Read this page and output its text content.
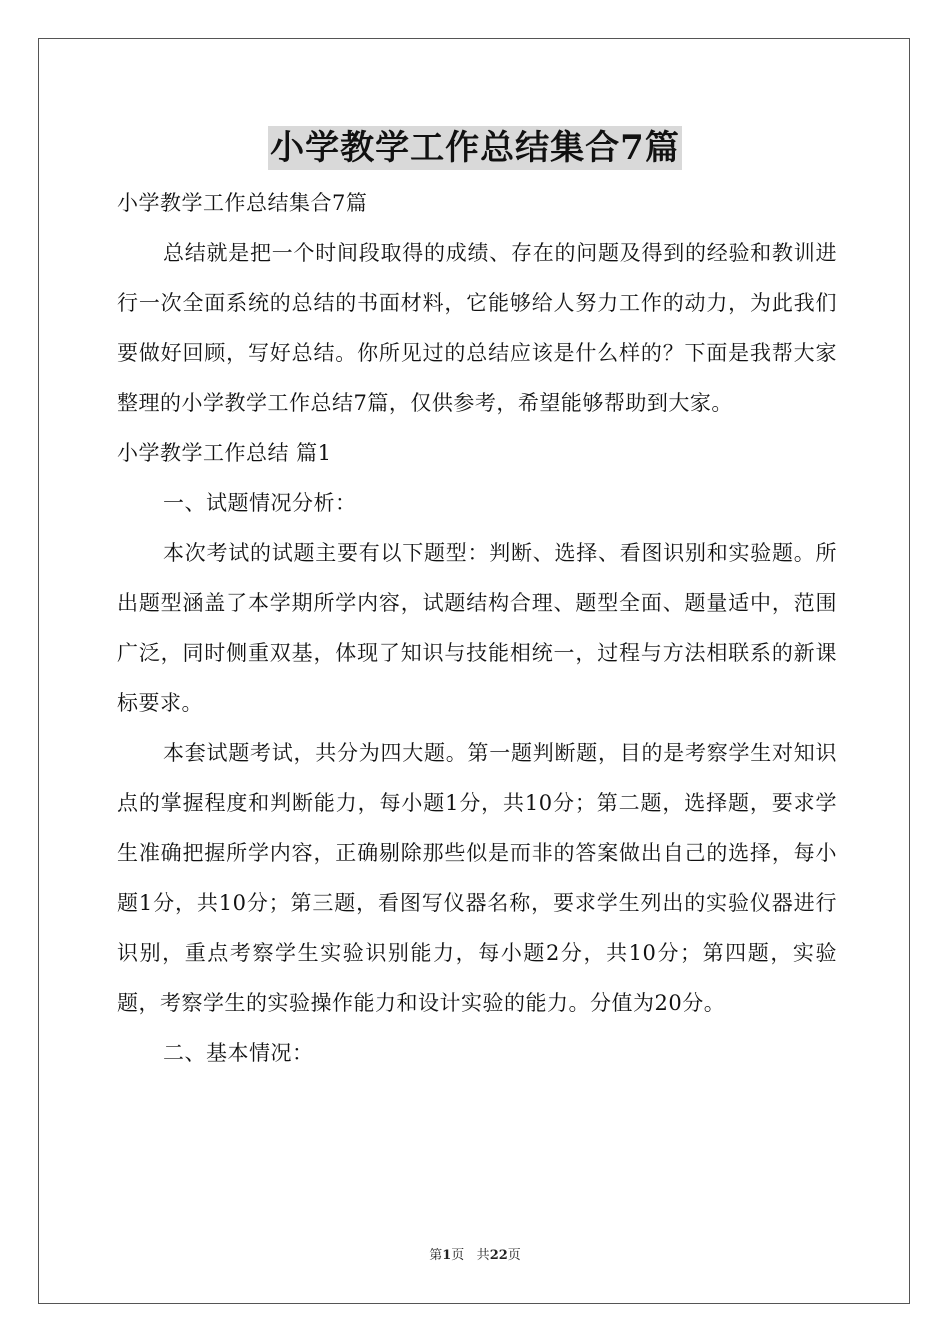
小学教学工作总结集合7篇

小学教学工作总结集合7篇

总结就是把一个时间段取得的成绩、存在的问题及得到的经验和教训进行一次全面系统的总结的书面材料，它能够给人努力工作的动力，为此我们要做好回顾，写好总结。你所见过的总结应该是什么样的？下面是我帮大家整理的小学教学工作总结7篇，仅供参考，希望能够帮助到大家。

小学教学工作总结 篇1

一、试题情况分析：

本次考试的试题主要有以下题型：判断、选择、看图识别和实验题。所出题型涵盖了本学期所学内容，试题结构合理、题型全面、题量适中，范围广泛，同时侧重双基，体现了知识与技能相统一，过程与方法相联系的新课标要求。

本套试题考试，共分为四大题。第一题判断题，目的是考察学生对知识点的掌握程度和判断能力，每小题1分，共10分；第二题，选择题，要求学生准确把握所学内容，正确剔除那些似是而非的答案做出自己的选择，每小题1分，共10分；第三题，看图写仪器名称，要求学生列出的实验仪器进行识别，重点考察学生实验识别能力，每小题2分，共10分；第四题，实验题，考察学生的实验操作能力和设计实验的能力。分值为20分。

二、基本情况：

第1页 共22页
